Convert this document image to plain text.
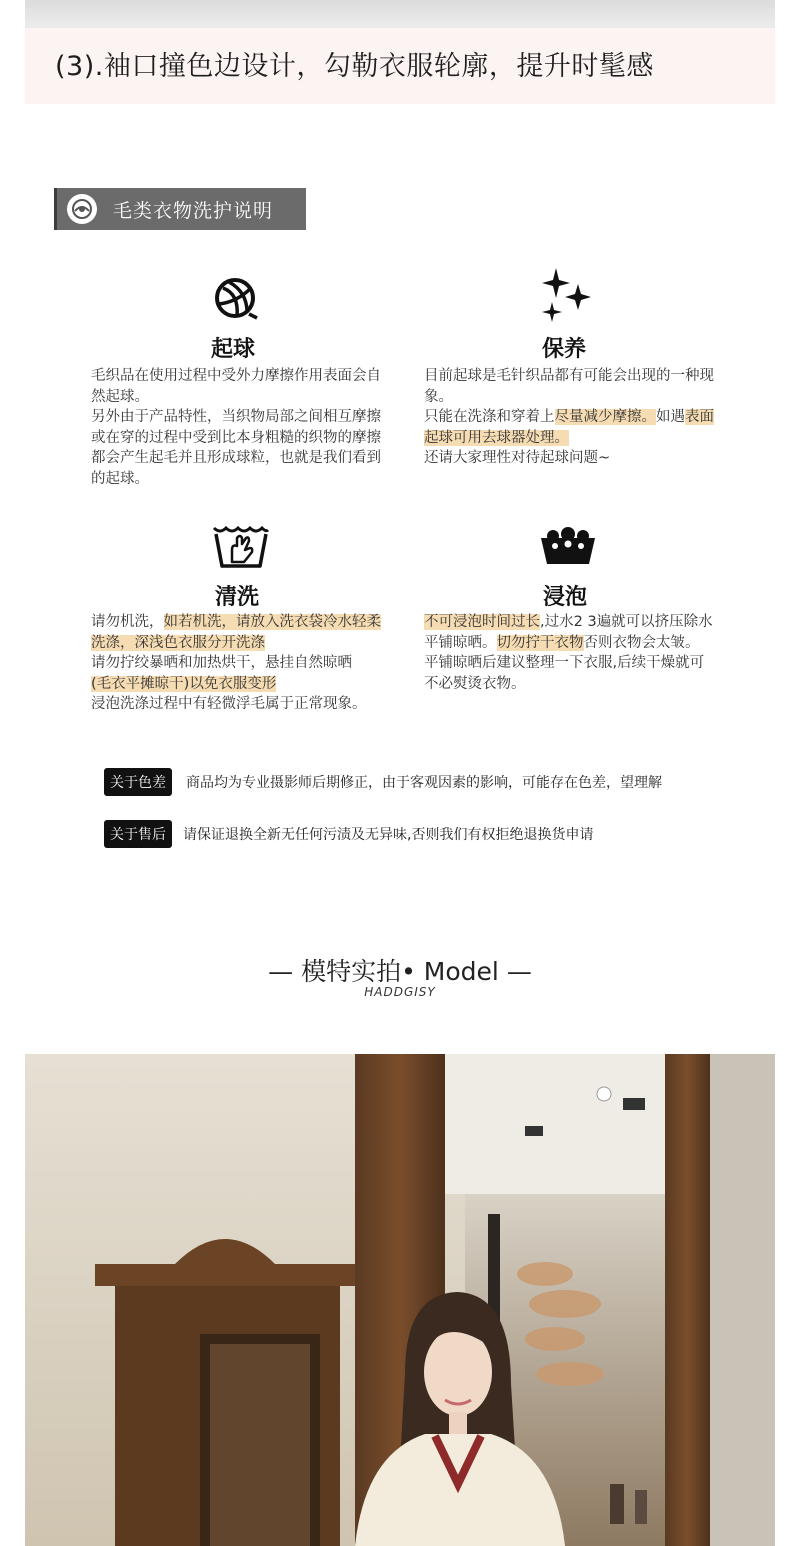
(3).袖口撞色边设计，勾勒衣服轮廓，提升时髦感
毛类衣物洗护说明
起球

毛织品在使用过程中受外力摩擦作用表面会自然起球。

另外由于产品特性，当织物局部之间相互摩擦或在穿的过程中受到比本身粗糙的织物的摩擦都会产生起毛并且形成球粒，也就是我们看到的起球。

保养

目前起球是毛针织品都有可能会出现的一种现象。

只能在洗涤和穿着上尽量减少摩擦。如遇表面起球可用去球器处理。

还请大家理性对待起球问题~

清洗

请勿机洗，如若机洗，请放入洗衣袋冷水轻柔洗涤，深浅色衣服分开洗涤

请勿拧绞暴晒和加热烘干，悬挂自然晾晒

(毛衣平摊晾干)以免衣服变形

浸泡洗涤过程中有轻微浮毛属于正常现象。

浸泡

不可浸泡时间过长,过水2 3遍就可以挤压除水平铺晾晒。切勿拧干衣物否则衣物会太皱。

平铺晾晒后建议整理一下衣服,后续干燥就可不必熨烫衣物。

关于色差	商品均为专业摄影师后期修正，由于客观因素的影响，可能存在色差，望理解
关于售后	请保证退换全新无任何污渍及无异味,否则我们有权拒绝退换货申请
— 模特实拍• Model —
HADDGISY
